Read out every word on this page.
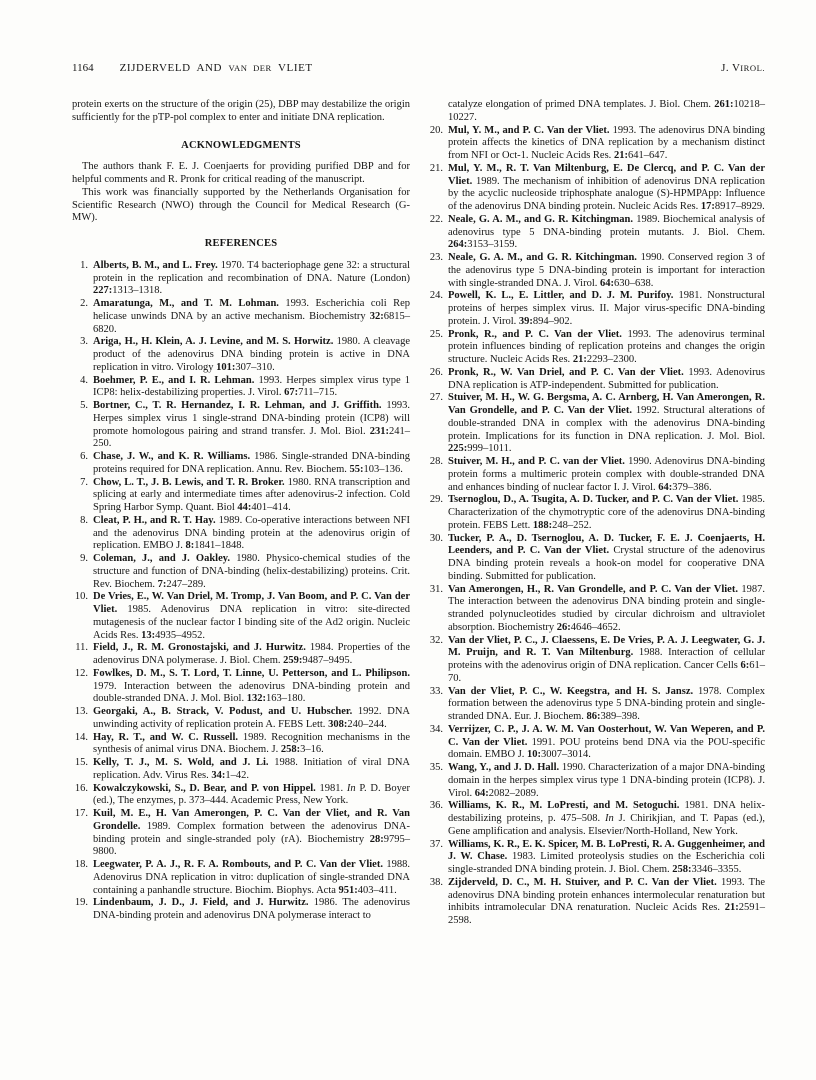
1164 ZIJDERVELD AND VAN DER VLIET	J. VIROL.

protein exerts on the structure of the origin (25), DBP may destabilize the origin sufficiently for the pTP-pol complex to enter and initiate DNA replication.

ACKNOWLEDGMENTS

The authors thank F. E. J. Coenjaerts for providing purified DBP and for helpful comments and R. Pronk for critical reading of the manuscript.

This work was financially supported by the Netherlands Organisation for Scientific Research (NWO) through the Council for Medical Research (G-MW).

REFERENCES
1. Alberts, B. M., and L. Frey. 1970. T4 bacteriophage gene 32: a structural protein in the replication and recombination of DNA. Nature (London) 227:1313–1318.
2. Amaratunga, M., and T. M. Lohman. 1993. Escherichia coli Rep helicase unwinds DNA by an active mechanism. Biochemistry 32:6815–6820.
3. Ariga, H., H. Klein, A. J. Levine, and M. S. Horwitz. 1980. A cleavage product of the adenovirus DNA binding protein is active in DNA replication in vitro. Virology 101:307–310.
4. Boehmer, P. E., and I. R. Lehman. 1993. Herpes simplex virus type 1 ICP8: helix-destabilizing properties. J. Virol. 67:711–715.
5. Bortner, C., T. R. Hernandez, I. R. Lehman, and J. Griffith. 1993. Herpes simplex virus 1 single-strand DNA-binding protein (ICP8) will promote homologous pairing and strand transfer. J. Mol. Biol. 231:241–250.
6. Chase, J. W., and K. R. Williams. 1986. Single-stranded DNA-binding proteins required for DNA replication. Annu. Rev. Biochem. 55:103–136.
7. Chow, L. T., J. B. Lewis, and T. R. Broker. 1980. RNA transcription and splicing at early and intermediate times after adenovirus-2 infection. Cold Spring Harbor Symp. Quant. Biol 44:401–414.
8. Cleat, P. H., and R. T. Hay. 1989. Co-operative interactions between NFI and the adenovirus DNA binding protein at the adenovirus origin of replication. EMBO J. 8:1841–1848.
9. Coleman, J., and J. Oakley. 1980. Physico-chemical studies of the structure and function of DNA-binding (helix-destabilizing) proteins. Crit. Rev. Biochem. 7:247–289.
10. De Vries, E., W. Van Driel, M. Tromp, J. Van Boom, and P. C. Van der Vliet. 1985. Adenovirus DNA replication in vitro: site-directed mutagenesis of the nuclear factor I binding site of the Ad2 origin. Nucleic Acids Res. 13:4935–4952.
11. Field, J., R. M. Gronostajski, and J. Hurwitz. 1984. Properties of the adenovirus DNA polymerase. J. Biol. Chem. 259:9487–9495.
12. Fowlkes, D. M., S. T. Lord, T. Linne, U. Petterson, and L. Philipson. 1979. Interaction between the adenovirus DNA-binding protein and double-stranded DNA. J. Mol. Biol. 132:163–180.
13. Georgaki, A., B. Strack, V. Podust, and U. Hubscher. 1992. DNA unwinding activity of replication protein A. FEBS Lett. 308:240–244.
14. Hay, R. T., and W. C. Russell. 1989. Recognition mechanisms in the synthesis of animal virus DNA. Biochem. J. 258:3–16.
15. Kelly, T. J., M. S. Wold, and J. Li. 1988. Initiation of viral DNA replication. Adv. Virus Res. 34:1–42.
16. Kowalczykowski, S., D. Bear, and P. von Hippel. 1981. In P. D. Boyer (ed.), The enzymes, p. 373–444. Academic Press, New York.
17. Kuil, M. E., H. Van Amerongen, P. C. Van der Vliet, and R. Van Grondelle. 1989. Complex formation between the adenovirus DNA-binding protein and single-stranded poly (rA). Biochemistry 28:9795–9800.
18. Leegwater, P. A. J., R. F. A. Rombouts, and P. C. Van der Vliet. 1988. Adenovirus DNA replication in vitro: duplication of single-stranded DNA containing a panhandle structure. Biochim. Biophys. Acta 951:403–411.
19. Lindenbaum, J. D., J. Field, and J. Hurwitz. 1986. The adenovirus DNA-binding protein and adenovirus DNA polymerase interact to

catalyze elongation of primed DNA templates. J. Biol. Chem. 261:10218–10227.

20. Mul, Y. M., and P. C. Van der Vliet. 1993. The adenovirus DNA binding protein affects the kinetics of DNA replication by a mechanism distinct from NFI or Oct-1. Nucleic Acids Res. 21:641–647.
21. Mul, Y. M., R. T. Van Miltenburg, E. De Clercq, and P. C. Van der Vliet. 1989. The mechanism of inhibition of adenovirus DNA replication by the acyclic nucleoside triphosphate analogue (S)-HPMPApp: Influence of the adenovirus DNA binding protein. Nucleic Acids Res. 17:8917–8929.
22. Neale, G. A. M., and G. R. Kitchingman. 1989. Biochemical analysis of adenovirus type 5 DNA-binding protein mutants. J. Biol. Chem. 264:3153–3159.
23. Neale, G. A. M., and G. R. Kitchingman. 1990. Conserved region 3 of the adenovirus type 5 DNA-binding protein is important for interaction with single-stranded DNA. J. Virol. 64:630–638.
24. Powell, K. L., E. Littler, and D. J. M. Purifoy. 1981. Nonstructural proteins of herpes simplex virus. II. Major virus-specific DNA-binding protein. J. Virol. 39:894–902.
25. Pronk, R., and P. C. Van der Vliet. 1993. The adenovirus terminal protein influences binding of replication proteins and changes the origin structure. Nucleic Acids Res. 21:2293–2300.
26. Pronk, R., W. Van Driel, and P. C. Van der Vliet. 1993. Adenovirus DNA replication is ATP-independent. Submitted for publication.
27. Stuiver, M. H., W. G. Bergsma, A. C. Arnberg, H. Van Amerongen, R. Van Grondelle, and P. C. Van der Vliet. 1992. Structural alterations of double-stranded DNA in complex with the adenovirus DNA-binding protein. Implications for its function in DNA replication. J. Mol. Biol. 225:999–1011.
28. Stuiver, M. H., and P. C. van der Vliet. 1990. Adenovirus DNA-binding protein forms a multimeric protein complex with double-stranded DNA and enhances binding of nuclear factor I. J. Virol. 64:379–386.
29. Tsernoglou, D., A. Tsugita, A. D. Tucker, and P. C. Van der Vliet. 1985. Characterization of the chymotryptic core of the adenovirus DNA-binding protein. FEBS Lett. 188:248–252.
30. Tucker, P. A., D. Tsernoglou, A. D. Tucker, F. E. J. Coenjaerts, H. Leenders, and P. C. Van der Vliet. Crystal structure of the adenovirus DNA binding protein reveals a hook-on model for cooperative DNA binding. Submitted for publication.
31. Van Amerongen, H., R. Van Grondelle, and P. C. Van der Vliet. 1987. The interaction between the adenovirus DNA binding protein and single-stranded polynucleotides studied by circular dichroism and ultraviolet absorption. Biochemistry 26:4646–4652.
32. Van der Vliet, P. C., J. Claessens, E. De Vries, P. A. J. Leegwater, G. J. M. Pruijn, and R. T. Van Miltenburg. 1988. Interaction of cellular proteins with the adenovirus origin of DNA replication. Cancer Cells 6:61–70.
33. Van der Vliet, P. C., W. Keegstra, and H. S. Jansz. 1978. Complex formation between the adenovirus type 5 DNA-binding protein and single-stranded DNA. Eur. J. Biochem. 86:389–398.
34. Verrijzer, C. P., J. A. W. M. Van Oosterhout, W. Van Weperen, and P. C. Van der Vliet. 1991. POU proteins bend DNA via the POU-specific domain. EMBO J. 10:3007–3014.
35. Wang, Y., and J. D. Hall. 1990. Characterization of a major DNA-binding domain in the herpes simplex virus type 1 DNA-binding protein (ICP8). J. Virol. 64:2082–2089.
36. Williams, K. R., M. LoPresti, and M. Setoguchi. 1981. DNA helix-destabilizing proteins, p. 475–508. In J. Chirikjian, and T. Papas (ed.), Gene amplification and analysis. Elsevier/North-Holland, New York.
37. Williams, K. R., E. K. Spicer, M. B. LoPresti, R. A. Guggenheimer, and J. W. Chase. 1983. Limited proteolysis studies on the Escherichia coli single-stranded DNA binding protein. J. Biol. Chem. 258:3346–3355.
38. Zijderveld, D. C., M. H. Stuiver, and P. C. Van der Vliet. 1993. The adenovirus DNA binding protein enhances intermolecular renaturation but inhibits intramolecular DNA renaturation. Nucleic Acids Res. 21:2591–2598.
